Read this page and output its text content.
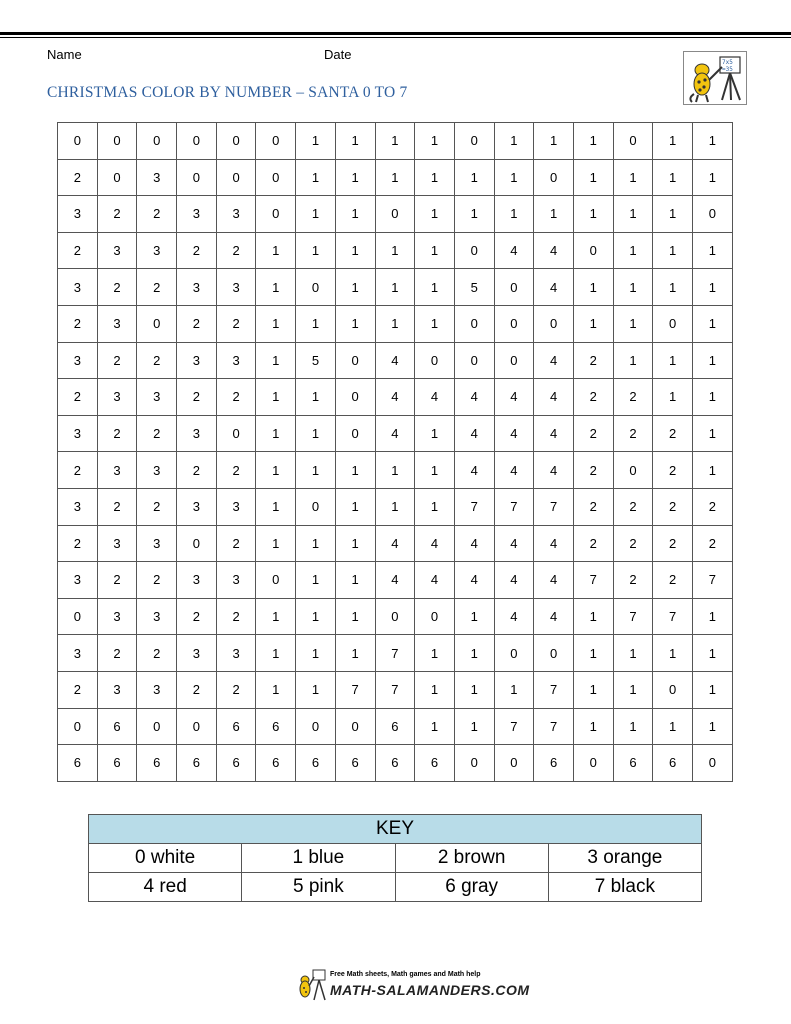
Name	Date
CHRISTMAS COLOR BY NUMBER – SANTA 0 TO 7
7x5
=35
0	0	0	0	0	0	1	1	1	1	0	1	1	1	0	1	1
2	0	3	0	0	0	1	1	1	1	1	1	0	1	1	1	1
3	2	2	3	3	0	1	1	0	1	1	1	1	1	1	1	0
2	3	3	2	2	1	1	1	1	1	0	4	4	0	1	1	1
3	2	2	3	3	1	0	1	1	1	5	0	4	1	1	1	1
2	3	0	2	2	1	1	1	1	1	0	0	0	1	1	0	1
3	2	2	3	3	1	5	0	4	0	0	0	4	2	1	1	1
2	3	3	2	2	1	1	0	4	4	4	4	4	2	2	1	1
3	2	2	3	0	1	1	0	4	1	4	4	4	2	2	2	1
2	3	3	2	2	1	1	1	1	1	4	4	4	2	0	2	1
3	2	2	3	3	1	0	1	1	1	7	7	7	2	2	2	2
2	3	3	0	2	1	1	1	4	4	4	4	4	2	2	2	2
3	2	2	3	3	0	1	1	4	4	4	4	4	7	2	2	7
0	3	3	2	2	1	1	1	0	0	1	4	4	1	7	7	1
3	2	2	3	3	1	1	1	7	1	1	0	0	1	1	1	1
2	3	3	2	2	1	1	7	7	1	1	1	7	1	1	0	1
0	6	0	0	6	6	0	0	6	1	1	7	7	1	1	1	1
6	6	6	6	6	6	6	6	6	6	0	0	6	0	6	6	0
KEY			
0 white	1 blue	2 brown	3 orange
4 red	5 pink	6 gray	7 black
Free Math sheets, Math games and Math help
MATH-SALAMANDERS.COM
